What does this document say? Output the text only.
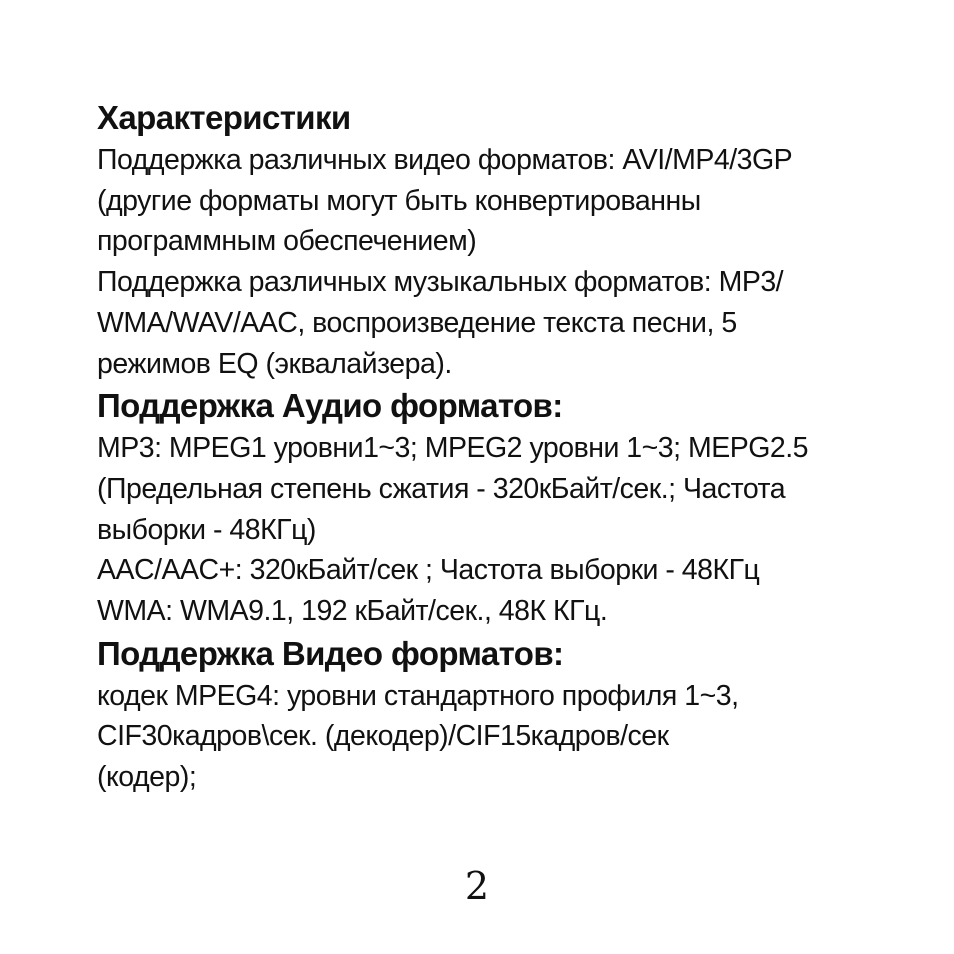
Характеристики

Поддержка различных видео форматов: AVI/MP4/3GP

(другие форматы могут быть конвертированны

программным обеспечением)

Поддержка различных музыкальных форматов: MP3/

WMA/WAV/AAC, воспроизведение текста песни, 5

режимов EQ (эквалайзера).

Поддержка Аудио форматов:

MP3: MPEG1 уровни1~3; MPEG2 уровни 1~3; MEPG2.5

(Предельная степень сжатия - 320кБайт/сек.; Частота

выборки - 48КГц)

AAC/AAC+: 320кБайт/сек ; Частота выборки - 48КГц

WMA: WMA9.1, 192 кБайт/сек., 48К КГц.

Поддержка Видео форматов:

кодек MPEG4: уровни стандартного профиля 1~3,

CIF30кадров\сек. (декодер)/CIF15кадров/сек

(кодер);

2
